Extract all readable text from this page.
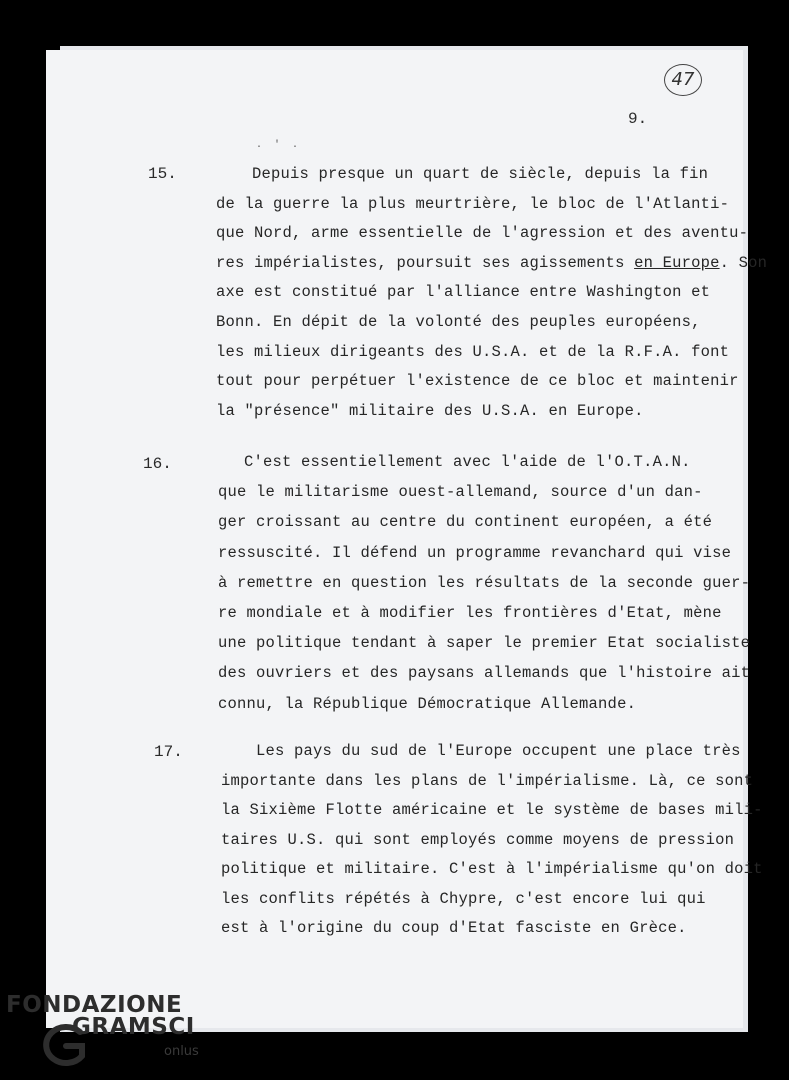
47
9.
. ' .
15.	Depuis presque un quart de siècle, depuis la fin
de la guerre la plus meurtrière, le bloc de l'Atlanti-
que Nord, arme essentielle de l'agression et des aventu-
res impérialistes, poursuit ses agissements en Europe. Son
axe est constitué par l'alliance entre Washington et
Bonn. En dépit de la volonté des peuples européens,
les milieux dirigeants des U.S.A. et de la R.F.A. font
tout pour perpétuer l'existence de ce bloc et maintenir
la "présence" militaire des U.S.A. en Europe.
16.	C'est essentiellement avec l'aide de l'O.T.A.N.
que le militarisme ouest-allemand, source d'un dan-
ger croissant au centre du continent européen, a été
ressuscité. Il défend un programme revanchard qui vise
à remettre en question les résultats de la seconde guer-
re mondiale et à modifier les frontières d'Etat, mène
une politique tendant à saper le premier Etat socialiste
des ouvriers et des paysans allemands que l'histoire ait
connu, la République Démocratique Allemande.
17.	Les pays du sud de l'Europe occupent une place très
importante dans les plans de l'impérialisme. Là, ce sont
la Sixième Flotte américaine et le système de bases mili-
taires U.S. qui sont employés comme moyens de pression
politique et militaire. C'est à l'impérialisme qu'on doit
les conflits répétés à Chypre, c'est encore lui qui
est à l'origine du coup d'Etat fasciste en Grèce.
FONDAZIONE
GRAMSCI
onlus
